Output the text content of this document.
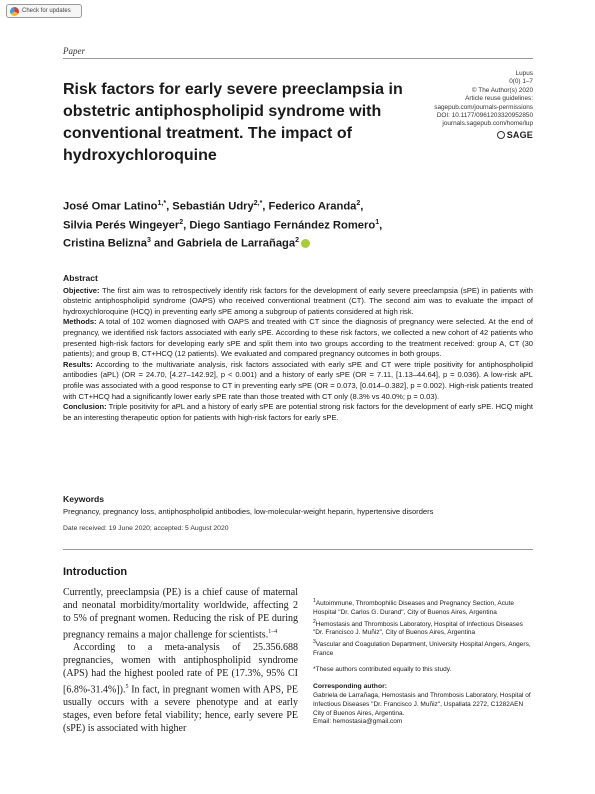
Check for updates
Paper
Risk factors for early severe preeclampsia in obstetric antiphospholipid syndrome with conventional treatment. The impact of hydroxychloroquine
Lupus
0(0) 1–7
© The Author(s) 2020
Article reuse guidelines:
sagepub.com/journals-permissions
DOI: 10.1177/0961203320952850
journals.sagepub.com/home/lup
SAGE
José Omar Latino$^{1,*}$, Sebastián Udry$^{2,*}$, Federico Aranda$^2$,
Silvia Perés Wingeyer$^2$, Diego Santiago Fernández Romero$^1$,
Cristina Belizna$^3$ and Gabriela de Larrañaga$^2$
Abstract

Objective: The first aim was to retrospectively identify risk factors for the development of early severe preeclampsia (sPE) in patients with obstetric antiphospholipid syndrome (OAPS) who received conventional treatment (CT). The second aim was to evaluate the impact of hydroxychloroquine (HCQ) in preventing early sPE among a subgroup of patients considered at high risk.

Methods: A total of 102 women diagnosed with OAPS and treated with CT since the diagnosis of pregnancy were selected. At the end of pregnancy, we identified risk factors associated with early sPE. According to these risk factors, we collected a new cohort of 42 patients who presented high-risk factors for developing early sPE and split them into two groups according to the treatment received: group A, CT (30 patients); and group B, CT+HCQ (12 patients). We evaluated and compared pregnancy outcomes in both groups.

Results: According to the multivariate analysis, risk factors associated with early sPE and CT were triple positivity for antiphospholipid antibodies (aPL) (OR = 24.70, [4.27–142.92], p < 0.001) and a history of early sPE (OR = 7.11, [1.13–44.64], p = 0.036). A low-risk aPL profile was associated with a good response to CT in preventing early sPE (OR = 0.073, [0.014–0.382], p = 0.002). High-risk patients treated with CT+HCQ had a significantly lower early sPE rate than those treated with CT only (8.3% vs 40.0%; p = 0.03).

Conclusion: Triple positivity for aPL and a history of early sPE are potential strong risk factors for the development of early sPE. HCQ might be an interesting therapeutic option for patients with high-risk factors for early sPE.

Keywords

Pregnancy, pregnancy loss, antiphospholipid antibodies, low-molecular-weight heparin, hypertensive disorders

Date received: 19 June 2020; accepted: 5 August 2020
Introduction

Currently, preeclampsia (PE) is a chief cause of maternal and neonatal morbidity/mortality worldwide, affecting 2 to 5% of pregnant women. Reducing the risk of PE during pregnancy remains a major challenge for scientists.$^{1-4}$

According to a meta-analysis of 25.356.688 pregnancies, women with antiphospholipid syndrome (APS) had the highest pooled rate of PE (17.3%, 95% CI [6.8%-31.4%]).$^5$ In fact, in pregnant women with APS, PE usually occurs with a severe phenotype and at early stages, even before fetal viability; hence, early severe PE (sPE) is associated with higher

$^1$Autoimmune, Thrombophilic Diseases and Pregnancy Section, Acute Hospital "Dr. Carlos G. Durand", City of Buenos Aires, Argentina
$^2$Hemostasis and Thrombosis Laboratory, Hospital of Infectious Diseases "Dr. Francisco J. Muñiz", City of Buenos Aires, Argentina
$^3$Vascular and Coagulation Department, University Hospital Angers, Angers, France
*These authors contributed equally to this study.
Corresponding author:
Gabriela de Larrañaga, Hemostasis and Thrombosis Laboratory, Hospital of Infectious Diseases "Dr. Francisco J. Muñiz", Uspallata 2272, C1282AEN City of Buenos Aires, Argentina.
Email: hemostasia@gmail.com
